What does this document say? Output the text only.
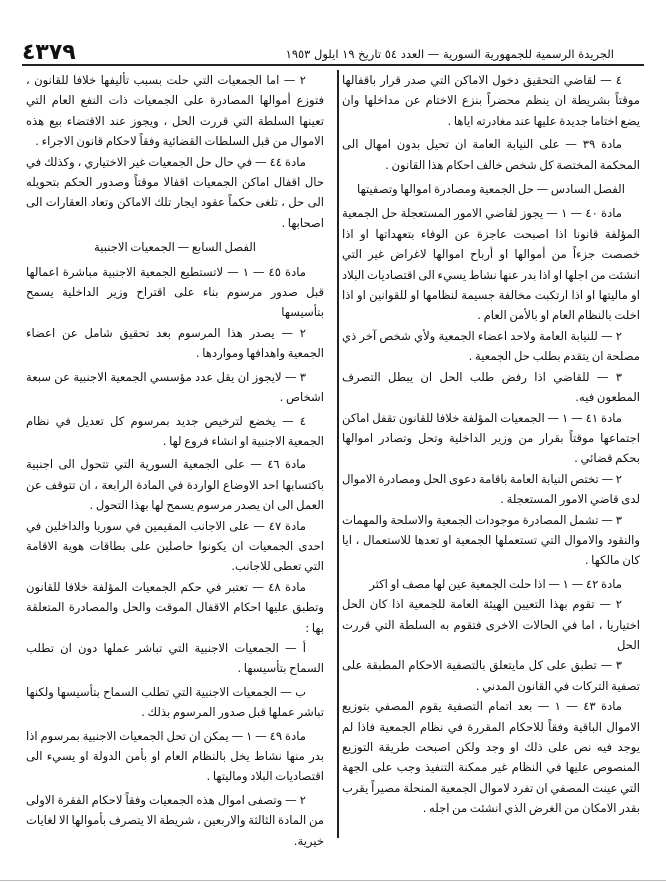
الجريدة الرسمية للجمهورية السورية — العدد ٥٤ تاريخ ١٩ ايلول ١٩٥٣
٤٣٧٩

٤ — لقاضي التحقيق دخول الاماكن التي صدر قرار باقفالها موقتاً بشريطة ان ينظم محضراً بنزع الاختام عن مداخلها وان يضع اختاما جديدة عليها عند مغادرته اياها .

مادة ٣٩ — على النيابة العامة ان تحيل بدون امهال الى المحكمة المختصة كل شخص خالف احكام هذا القانون .

الفصل السادس — حل الجمعية ومصادرة اموالها وتصفيتها

مادة ٤٠ — ١ — يجوز لقاضي الامور المستعجلة حل الجمعية المؤلفة قانونا اذا اصبحت عاجزة عن الوفاء بتعهداتها او اذا خصصت جزءاً من أموالها او أرباح اموالها لاغراض غير التي انشئت من اجلها او اذا بدر عنها نشاط يسيء الى اقتصاديات البلاد او ماليتها او اذا ارتكبت مخالفة جسيمة لنظامها او للقوانين او اذا اخلت بالنظام العام او بالأمن العام .

٢ — للنيابة العامة ولاحد اعضاء الجمعية ولأي شخص آخر ذي مصلحة ان يتقدم بطلب حل الجمعية .

٣ — للقاضي اذا رفض طلب الحل ان يبطل التصرف المطعون فيه.

مادة ٤١ — ١ — الجمعيات المؤلفة خلافا للقانون تقفل اماكن اجتماعها موقتاً بقرار من وزير الداخلية وتحل وتصادر اموالها بحكم قضائي .

٢ — تختص النيابة العامة باقامة دعوى الحل ومصادرة الاموال لدى قاضي الامور المستعجلة .

٣ — تشمل المصادرة موجودات الجمعية والاسلحة والمهمات والنقود والاموال التي تستعملها الجمعية او تعدها للاستعمال ، ايا كان مالكها .

مادة ٤٢ — ١ — اذا حلت الجمعية عين لها مصف او اكثر

٢ — تقوم بهذا التعيين الهيئة العامة للجمعية اذا كان الحل اختياريا ، اما في الحالات الاخرى فتقوم به السلطة التي قررت الحل

٣ — تطبق على كل مايتعلق بالتصفية الاحكام المطبقة على تصفية التركات في القانون المدني .

مادة ٤٣ — ١ — بعد اتمام التصفية يقوم المصفي بتوزيع الاموال الباقية وفقاً للاحكام المقررة في نظام الجمعية فاذا لم يوجد فيه نص على ذلك او وجد ولكن اصبحت طريقة التوزيع المنصوص عليها في النظام غير ممكنة التنفيذ وجب على الجهة التي عينت المصفي ان تفرد لاموال الجمعية المنحلة مصيراً يقرب بقدر الامكان من الغرض الذي انشئت من اجله .

٢ — اما الجمعيات التي حلت بسبب تأليفها خلافا للقانون ، فتوزع أموالها المصادرة على الجمعيات ذات النفع العام التي تعينها السلطة التي قررت الحل ، ويجوز عند الاقتضاء بيع هذه الاموال من قبل السلطات القضائية وفقاً لاحكام قانون الاجراء .

مادة ٤٤ — في حال حل الجمعيات غير الاختياري ، وكذلك في حال اقفال اماكن الجمعيات اقفالا موقتاً وصدور الحكم بتحويله الى حل ، تلغى حكماً عقود ايجار تلك الاماكن وتعاد العقارات الى اصحابها .

الفصل السابع — الجمعيات الاجنبية

مادة ٤٥ — ١ — لاتستطيع الجمعية الاجنبية مباشرة اعمالها قبل صدور مرسوم بناء على اقتراح وزير الداخلية يسمح بتأسيسها

٢ — يصدر هذا المرسوم بعد تحقيق شامل عن اعضاء الجمعية واهدافها ومواردها .

٣ — لايجوز ان يقل عدد مؤسسي الجمعية الاجنبية عن سبعة اشخاص .

٤ — يخضع لترخيص جديد بمرسوم كل تعديل في نظام الجمعية الاجنبية او انشاء فروع لها .

مادة ٤٦ — على الجمعية السورية التي تتحول الى اجنبية باكتسابها احد الاوضاع الواردة في المادة الرابعة ، ان تتوقف عن العمل الى ان يصدر مرسوم يسمح لها بهذا التحول .

مادة ٤٧ — على الاجانب المقيمين في سوريا والداخلين في احدى الجمعيات ان يكونوا حاصلين على بطاقات هوية الاقامة التي تعطى للاجانب.

مادة ٤٨ — تعتبر في حكم الجمعيات المؤلفة خلافا للقانون وتطبق عليها احكام الاقفال الموقت والحل والمصادرة المتعلقة بها :

أ — الجمعيات الاجنبية التي تباشر عملها دون ان تطلب السماح بتأسيسها .

ب — الجمعيات الاجنبية التي تطلب السماح بتأسيسها ولكنها تباشر عملها قبل صدور المرسوم بذلك .

مادة ٤٩ — ١ — يمكن ان تحل الجمعيات الاجنبية بمرسوم اذا بدر منها نشاط يخل بالنظام العام او بأمن الدولة او يسيء الى اقتصاديات البلاد وماليتها .

٢ — وتصفى اموال هذه الجمعيات وفقاً لاحكام الفقرة الاولى من المادة الثالثة والاربعين ، شريطة الا يتصرف بأموالها الا لغايات خيرية.
